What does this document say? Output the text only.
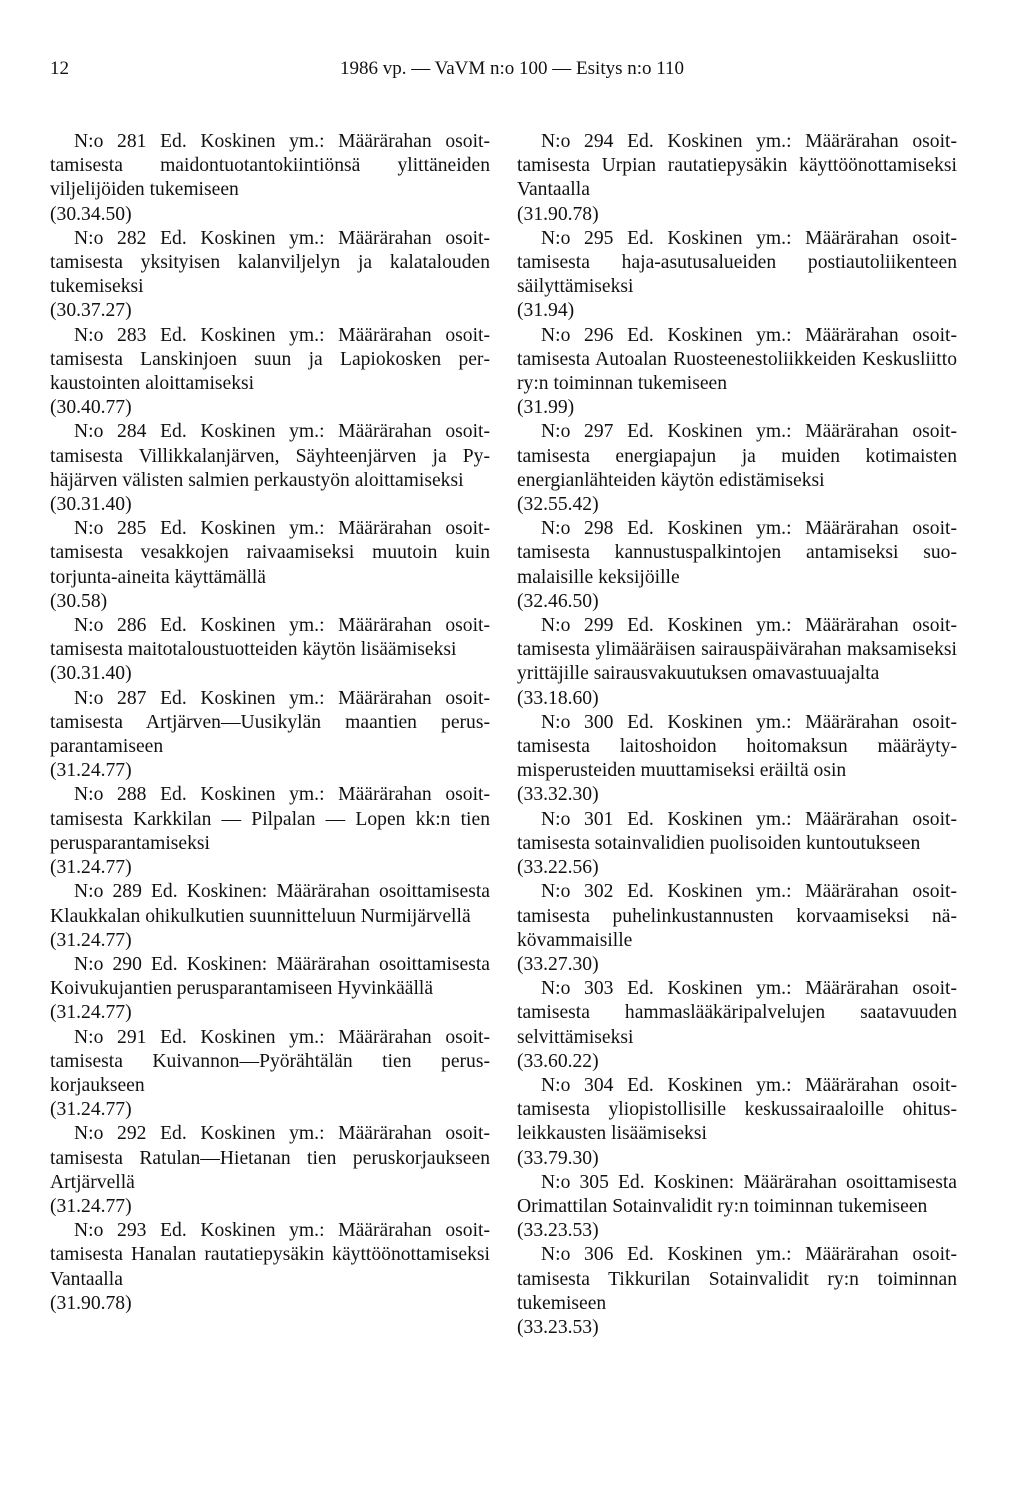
12	1986 vp. — VaVM n:o 100 — Esitys n:o 110

N:o 281 Ed. Koskinen ym.: Määrärahan osoittamisesta maidontuotantokiintiönsä ylittäneiden viljelijöiden tukemiseen

(30.34.50)

N:o 282 Ed. Koskinen ym.: Määrärahan osoittamisesta yksityisen kalanviljelyn ja kalatalouden tukemiseksi

(30.37.27)

N:o 283 Ed. Koskinen ym.: Määrärahan osoittamisesta Lanskinjoen suun ja Lapiokosken perkaustointen aloittamiseksi

(30.40.77)

N:o 284 Ed. Koskinen ym.: Määrärahan osoittamisesta Villikkalanjärven, Säyhteenjärven ja Pyhäjärven välisten salmien perkaustyön aloittamiseksi

(30.31.40)

N:o 285 Ed. Koskinen ym.: Määrärahan osoittamisesta vesakkojen raivaamiseksi muutoin kuin torjunta-aineita käyttämällä

(30.58)

N:o 286 Ed. Koskinen ym.: Määrärahan osoittamisesta maitotaloustuotteiden käytön lisäämiseksi

(30.31.40)

N:o 287 Ed. Koskinen ym.: Määrärahan osoittamisesta Artjärven—Uusikylän maantien perusparantamiseen

(31.24.77)

N:o 288 Ed. Koskinen ym.: Määrärahan osoittamisesta Karkkilan — Pilpalan — Lopen kk:n tien perusparantamiseksi

(31.24.77)

N:o 289 Ed. Koskinen: Määrärahan osoittamisesta Klaukkalan ohikulkutien suunnitteluun Nurmijärvellä

(31.24.77)

N:o 290 Ed. Koskinen: Määrärahan osoittamisesta Koivukujantien perusparantamiseen Hyvinkäällä

(31.24.77)

N:o 291 Ed. Koskinen ym.: Määrärahan osoittamisesta Kuivannon—Pyörähtälän tien peruskorjaukseen

(31.24.77)

N:o 292 Ed. Koskinen ym.: Määrärahan osoittamisesta Ratulan—Hietanan tien peruskorjaukseen Artjärvellä

(31.24.77)

N:o 293 Ed. Koskinen ym.: Määrärahan osoittamisesta Hanalan rautatiepysäkin käyttöönottamiseksi Vantaalla

(31.90.78)

N:o 294 Ed. Koskinen ym.: Määrärahan osoittamisesta Urpian rautatiepysäkin käyttöönottamiseksi Vantaalla

(31.90.78)

N:o 295 Ed. Koskinen ym.: Määrärahan osoittamisesta haja-asutusalueiden postiautoliikenteen säilyttämiseksi

(31.94)

N:o 296 Ed. Koskinen ym.: Määrärahan osoittamisesta Autoalan Ruosteenestoliikkeiden Keskusliitto ry:n toiminnan tukemiseen

(31.99)

N:o 297 Ed. Koskinen ym.: Määrärahan osoittamisesta energiapajun ja muiden kotimaisten energianlähteiden käytön edistämiseksi

(32.55.42)

N:o 298 Ed. Koskinen ym.: Määrärahan osoittamisesta kannustuspalkintojen antamiseksi suomalaisille keksijöille

(32.46.50)

N:o 299 Ed. Koskinen ym.: Määrärahan osoittamisesta ylimääräisen sairauspäivärahan maksamiseksi yrittäjille sairausvakuutuksen omavastuuajalta

(33.18.60)

N:o 300 Ed. Koskinen ym.: Määrärahan osoittamisesta laitoshoidon hoitomaksun määräytymisperusteiden muuttamiseksi eräiltä osin

(33.32.30)

N:o 301 Ed. Koskinen ym.: Määrärahan osoittamisesta sotainvalidien puolisoiden kuntoutukseen

(33.22.56)

N:o 302 Ed. Koskinen ym.: Määrärahan osoittamisesta puhelinkustannusten korvaamiseksi näkövammaisille

(33.27.30)

N:o 303 Ed. Koskinen ym.: Määrärahan osoittamisesta hammaslääkäripalvelujen saatavuuden selvittämiseksi

(33.60.22)

N:o 304 Ed. Koskinen ym.: Määrärahan osoittamisesta yliopistollisille keskussairaaloille ohitusleikkausten lisäämiseksi

(33.79.30)

N:o 305 Ed. Koskinen: Määrärahan osoittamisesta Orimattilan Sotainvalidit ry:n toiminnan tukemiseen

(33.23.53)

N:o 306 Ed. Koskinen ym.: Määrärahan osoittamisesta Tikkurilan Sotainvalidit ry:n toiminnan tukemiseen

(33.23.53)
